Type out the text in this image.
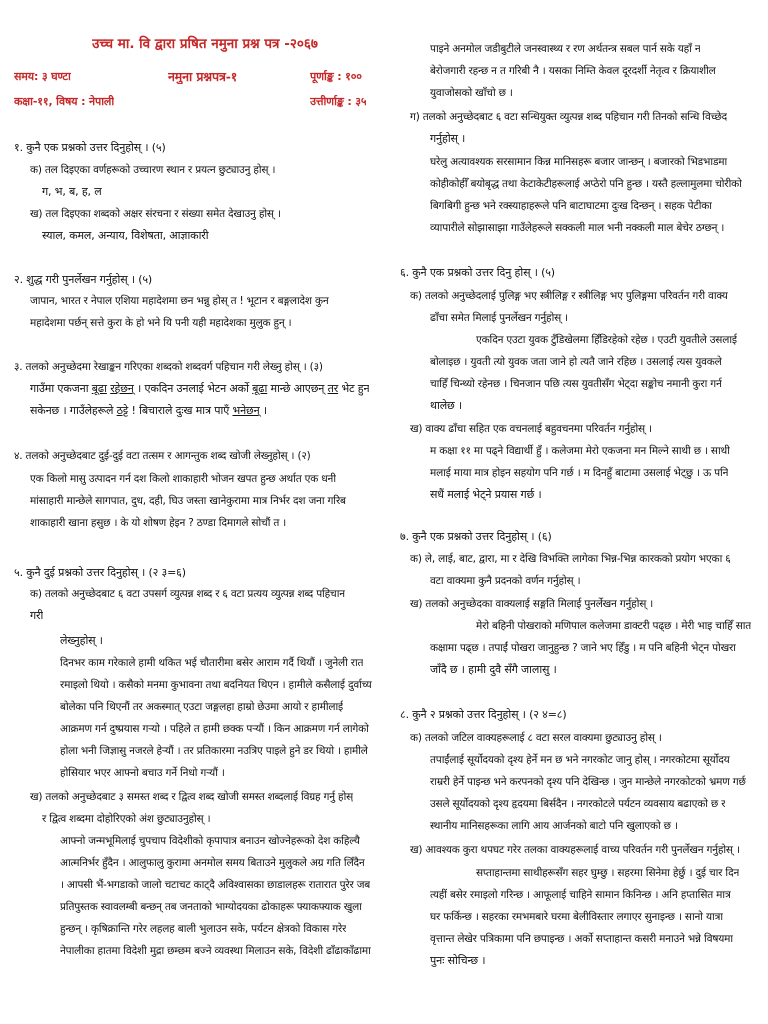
उच्च मा. वि द्वारा प्रषित नमुना प्रश्न पत्र -२०६७
समय: ३ घण्टा	नमुना प्रश्नपत्र-१	पूर्णाङ्क : १००
कक्षा-११, विषय : नेपाली	उत्तीर्णाङ्क : ३५
१. कुनै एक प्रश्नको उत्तर दिनुहोस् । (५)
क) तल दिइएका वर्णहरूको उच्चारण स्थान र प्रयत्न छुट्याउनु होस् ।
ग, भ, ब, ह, ल
ख) तल दिइएका शब्दको अक्षर संरचना र संख्या समेत देखाउनु होस् ।
स्याल, कमल, अन्याय, विशेषता, आज्ञाकारी
२. शुद्ध गरी पुनर्लेखन गर्नुहोस् । (५)
जापान, भारत र नेपाल एशिया महादेशमा छन भन्नु होस् त ! भूटान र बङ्गलादेश कुन
महादेशमा पर्छन् सत्ते कुरा के हो भने यि पनी यही महादेशका मुलुक हुन् ।
३. तलको अनुच्छेदमा रेखाङ्कन गरिएका शब्दको शब्दवर्ग पहिचान गरी लेख्नु होस् । (३)
गाउँमा एकजना बूढा रहेछन् । एकदिन उनलाई भेटन अर्को बूढा मान्छे आएछन् तर भेट हुन
सकेनछ । गाउँलेहरूले ठट्टे ! बिचाराले दुःख मात्र पाएँ भनेछन् ।
४. तलको अनुच्छेदबाट दुई-दुई वटा तत्सम र आगन्तुक शब्द खोजी लेख्नुहोस् । (२)
एक किलो मासु उत्पादन गर्न दश किलो शाकाहारी भोजन खपत हुन्छ अर्थात एक धनी
मांसाहारी मान्छेले सागपात, दुध, दही, घिउ जस्ता खानेकुरामा मात्र निर्भर दश जना गरिब
शाकाहारी खाना हसुछ । के यो शोषण हेइन ? ठण्डा दिमागले सोचौं त ।
५. कुनै दुई प्रश्नको उत्तर दिनुहोस् । (२ ३=६)
क) तलको अनुच्छेदबाट ६ वटा उपसर्ग व्युत्पन्न शब्द र ६ वटा प्रत्यय व्युत्पन्न शब्द पहिचान
गरी
लेख्नुहोस् ।
दिनभर काम गरेकाले हामी थकित भई चौतारीमा बसेर आराम गर्दै थियौं । जुनेली रात
रमाइलो थियो । कसैको मनमा कुभावना तथा बदनियत थिएन । हामीले कसैलाई दुर्वाच्य
बोलेका पनि थिएनौं तर अकस्मात् एउटा जङ्गलहा हाम्रो छेउमा आयो र हामीलाई
आक्रमण गर्न दुष्प्रयास गर्‍यो । पहिले त हामी छक्क पर्‍यौं । किन आक्रमण गर्न लागेको
होला भनी जिज्ञासु नजरले हेर्‍यौं । तर प्रतिकारमा नउत्रिए पाइले हुने डर थियो । हामीले
होसियार भएर आफ्नो बचाउ गर्ने निधो गर्‍यौं ।
ख) तलको अनुच्छेदबाट ३ समस्त शब्द र द्वित्व शब्द खोजी समस्त शब्दलाई विग्रह गर्नु होस्
र द्वित्व शब्दमा दोहोरिएको अंश छुट्याउनुहोस् ।
आफ्नो जन्मभूमिलाई चुपचाप विदेशीको कृपापात्र बनाउन खोज्नेहरूको देश कहिल्यै
आत्मनिर्भर हुँदैन । आलुफालु कुरामा अनमोल समय बिताउने मुलुकले अग्र गति लिँदैन
। आपसी भैं-भगडाको जालो चटाचट काट्दै अविश्वासका छाडालहरू रातारात पुरेर जब
प्रतिपुस्तक स्वावलम्बी बन्छन् तब जनताको भाग्योदयका ढोकाहरू फ्याकफ्याक खुला
हुन्छन् । कृषिक्रान्ति गरेर लहलह बाली भुलाउन सके, पर्यटन क्षेत्रको विकास गरेर
नेपालीका हातमा विदेशी मुद्रा छम्छम बज्ने व्यवस्था मिलाउन सके, विदेशी ढाँढाकाँढामा
पाइने अनमोल जडीबुटीले जनस्वास्थ्य र रण अर्थतन्त्र सबल पार्न सके यहाँ न
बेरोजगारी रहन्छ न त गरिबी नै । यसका निम्ति केवल दूरदर्शी नेतृत्व र क्रियाशील
युवाजोसको खाँचो छ ।
ग) तलको अनुच्छेदबाट ६ वटा सन्धियुक्त व्युत्पन्न शब्द पहिचान गरी तिनको सन्धि विच्छेद
गर्नुहोस् ।
घरेलु अत्यावश्यक सरसामान किन्न मानिसहरू बजार जान्छन् । बजारको भिडभाडमा
कोहीकोहीँ बयोबृद्ध तथा केटाकेटीहरूलाई अप्ठेरो पनि हुन्छ । यस्तै हल्लामुलमा चोरीको
बिगबिगी हुन्छ भने रक्स्याहाहरूले पनि बाटाघाटमा दुःख दिन्छन् । सहक पेटीका
व्यापारीले सोझासाझा गाउँलेहरूले सक्कली माल भनी नक्कली माल बेचेर ठग्छन् ।
६. कुनै एक प्रश्नको उत्तर दिनु होस् । (५)
क) तलको अनुच्छेदलाई पुलिङ्ग भए स्त्रीलिङ्ग र स्त्रीलिङ्ग भए पुलिङ्गमा परिवर्तन गरी वाक्य
ढाँचा समेत मिलाई पुनर्लेखन गर्नुहोस् ।
एकदिन एउटा युवक टुँडिखेलमा हिँडिरहेको रहेछ । एउटी युवतीले उसलाई
बोलाइछ । युवती त्यो युवक जता जाने हो त्यतै जाने रहिछ । उसलाई त्यस युवकले
चाहिँ चिन्थ्यो रहेनछ । चिनजान पछि त्यस युवतीसँग भेट्दा सङ्कोच नमानी कुरा गर्न
थालेछ ।
ख) वाक्य ढाँचा सहित एक वचनलाई बहुवचनमा परिवर्तन गर्नुहोस् ।
म कक्षा ११ मा पढ्ने विद्यार्थी हुँ । कलेजमा मेरो एकजना मन मिल्ने साथी छ । साथी
मलाई माया मात्र होइन सहयोग पनि गर्छ । म दिनहुँ बाटामा उसलाई भेट्छु । ऊ पनि
सधैं मलाई भेट्ने प्रयास गर्छ ।
७. कुनै एक प्रश्नको उत्तर दिनुहोस् । (६)
क) ले, लाई, बाट, द्वारा, मा र देखि विभक्ति लागेका भिन्न-भिन्न कारकको प्रयोग भएका ६
वटा वाक्यमा कुनै प्रदनको वर्णन गर्नुहोस् ।
ख) तलको अनुच्छेदका वाक्यलाई सङ्गति मिलाई पुनर्लेखन गर्नुहोस् ।
मेरो बहिनी पोखराको मणिपाल कलेजमा डाक्टरी पढ्छ । मेरी भाइ चाहिँ सात
कक्षामा पढ्छ । तपाईं पोखरा जानुहुन्छ ? जाने भए हिँडु । म पनि बहिनी भेट्न पोखरा
जाँदै छ । हामी दुवै सँगै जालासु ।
८. कुनै २ प्रश्नको उत्तर दिनुहोस् । (२ ४=८)
क) तलको जटिल वाक्यहरूलाई ८ वटा सरल वाक्यमा छुट्याउनु होस् ।
तपाईंलाई सूर्योदयको दृश्य हेर्ने मन छ भने नगरकोट जानु होस् । नगरकोटमा सूर्योदय
राम्ररी हेर्ने पाइन्छ भने करपनको दृश्य पनि देखिन्छ । जुन मान्छेले नगरकोटको भ्रमण गर्छ
उसले सूर्योदयको दृश्य हृदयमा बिर्सदैन । नगरकोटले पर्यटन व्यवसाय बढाएको छ र
स्थानीय मानिसहरूका लागि आय आर्जनको बाटो पनि खुलाएको छ ।
ख) आवश्यक कुरा थपघट गरेर तलका वाक्यहरूलाई वाच्य परिवर्तन गरी पुनर्लेखन गर्नुहोस् ।
सप्ताहान्तमा साथीहरूसँग सहर घुम्छु । सहरमा सिनेमा हेर्छु । दुई चार दिन
त्यहीं बसेर रमाइलो गरिन्छ । आफूलाई चाहिने सामान किनिन्छ । अनि हप्तासित मात्र
घर फर्किन्छ । सहरका रमभमबारे घरमा बेलीविस्तार लगाएर सुनाइन्छ । सानो यात्रा
वृत्तान्त लेखेर पत्रिकामा पनि छपाइन्छ । अर्को सप्ताहान्त कसरी मनाउने भन्ने विषयमा
पुनः सोचिन्छ ।
